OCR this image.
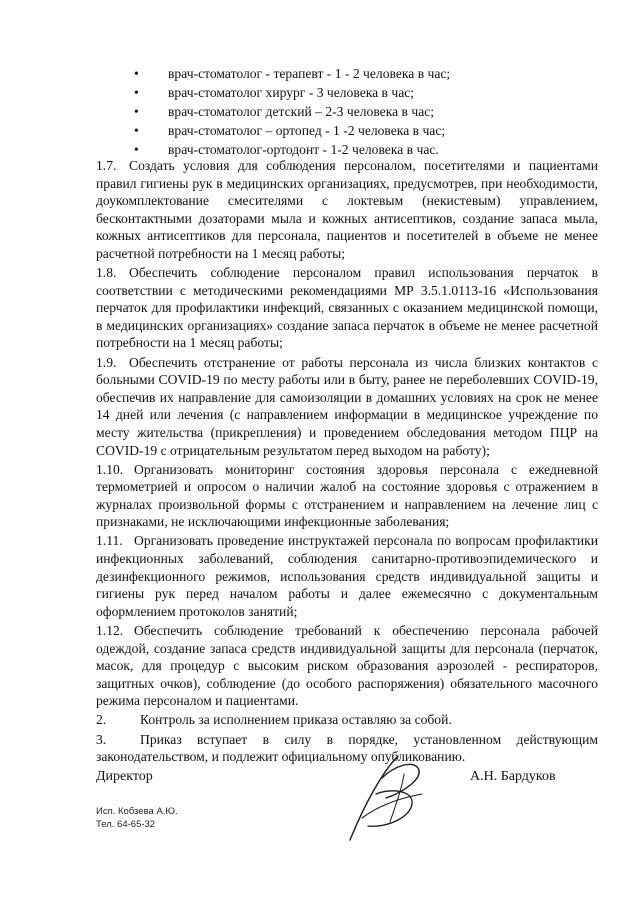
• врач-стоматолог - терапевт - 1 - 2 человека в час;
• врач-стоматолог хирург - 3 человека в час;
• врач-стоматолог детский – 2-3 человека в час;
• врач-стоматолог – ортопед - 1 -2 человека в час;
• врач-стоматолог-ортодонт - 1-2 человека в час.

1.7. Создать условия для соблюдения персоналом, посетителями и пациентами правил гигиены рук в медицинских организациях, предусмотрев, при необходимости, доукомплектование смесителями с локтевым (некистевым) управлением, бесконтактными дозаторами мыла и кожных антисептиков, создание запаса мыла, кожных антисептиков для персонала, пациентов и посетителей в объеме не менее расчетной потребности на 1 месяц работы;

1.8. Обеспечить соблюдение персоналом правил использования перчаток в соответствии с методическими рекомендациями МР 3.5.1.0113-16 «Использования перчаток для профилактики инфекций, связанных с оказанием медицинской помощи, в медицинских организациях» создание запаса перчаток в объеме не менее расчетной потребности на 1 месяц работы;

1.9. Обеспечить отстранение от работы персонала из числа близких контактов с больными COVID-19 по месту работы или в быту, ранее не переболевших COVID-19, обеспечив их направление для самоизоляции в домашних условиях на срок не менее 14 дней или лечения (с направлением информации в медицинское учреждение по месту жительства (прикрепления) и проведением обследования методом ПЦР на COVID-19 с отрицательным результатом перед выходом на работу);

1.10. Организовать мониторинг состояния здоровья персонала с ежедневной термометрией и опросом о наличии жалоб на состояние здоровья с отражением в журналах произвольной формы с отстранением и направлением на лечение лиц с признаками, не исключающими инфекционные заболевания;

1.11. Организовать проведение инструктажей персонала по вопросам профилактики инфекционных заболеваний, соблюдения санитарно-противоэпидемического и дезинфекционного режимов, использования средств индивидуальной защиты и гигиены рук перед началом работы и далее ежемесячно с документальным оформлением протоколов занятий;

1.12. Обеспечить соблюдение требований к обеспечению персонала рабочей одеждой, создание запаса средств индивидуальной защиты для персонала (перчаток, масок, для процедур с высоким риском образования аэрозолей - респираторов, защитных очков), соблюдение (до особого распоряжения) обязательного масочного режима персоналом и пациентами.

2. Контроль за исполнением приказа оставляю за собой.

3. Приказ вступает в силу в порядке, установленном действующим законодательством, и подлежит официальному опубликованию.

Директор	А.Н. Бардуков
Исп. Кобзева А.Ю.
Тел. 64-65-32
